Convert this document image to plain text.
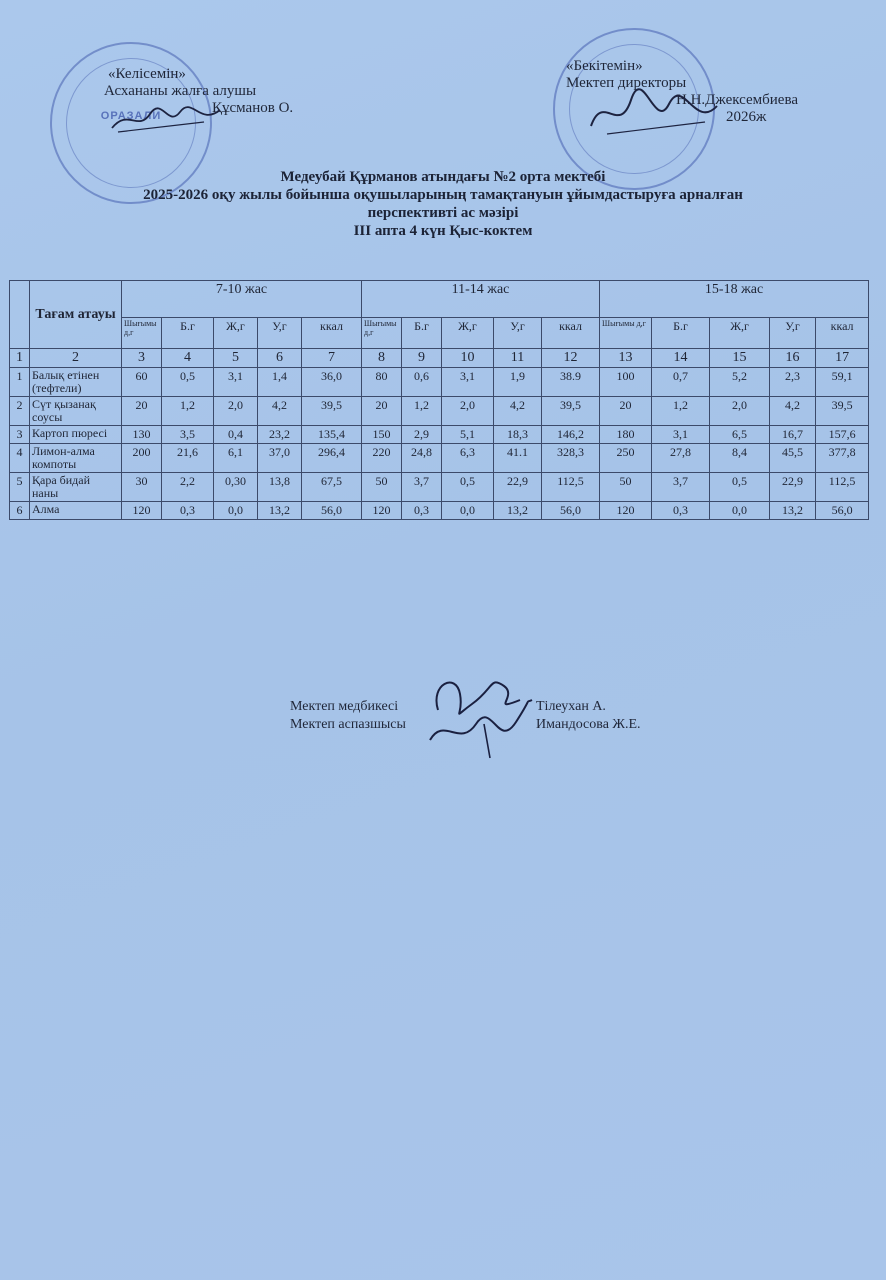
ОРАЗАЛИ
«Келісемін»
Асхананы жалға алушы
Құсманов О.
«Бекітемін»
Мектеп директоры
Н.Н.Джексембиева
2026ж
Медеубай Құрманов атындағы №2 орта мектебі
2025-2026 оқу жылы бойынша оқушыларының тамақтануын ұйымдастыруға арналған
перспективті ас мәзірі
ІІІ апта 4 күн Қыс-коктем
	Тағам атауы	7-10 жас					11-14 жас					15-18 жас				
		Шығымы д,г	Б.г	Ж,г	У,г	ккал	Шығымы д,г	Б.г	Ж,г	У,г	ккал	Шығымы д,г	Б.г	Ж,г	У,г	ккал
1	2	3	4	5	6	7	8	9	10	11	12	13	14	15	16	17
1	Балық етінен (тефтели)	60	0,5	3,1	1,4	36,0	80	0,6	3,1	1,9	38.9	100	0,7	5,2	2,3	59,1
2	Сүт қызанақ соусы	20	1,2	2,0	4,2	39,5	20	1,2	2,0	4,2	39,5	20	1,2	2,0	4,2	39,5
3	Картоп пюресі	130	3,5	0,4	23,2	135,4	150	2,9	5,1	18,3	146,2	180	3,1	6,5	16,7	157,6
4	Лимон-алма компоты	200	21,6	6,1	37,0	296,4	220	24,8	6,3	41.1	328,3	250	27,8	8,4	45,5	377,8
5	Қара бидай наны	30	2,2	0,30	13,8	67,5	50	3,7	0,5	22,9	112,5	50	3,7	0,5	22,9	112,5
6	Алма	120	0,3	0,0	13,2	56,0	120	0,3	0,0	13,2	56,0	120	0,3	0,0	13,2	56,0
Мектеп медбикесі	Тілеухан А.
Мектеп аспазшысы	Имандосова Ж.Е.
